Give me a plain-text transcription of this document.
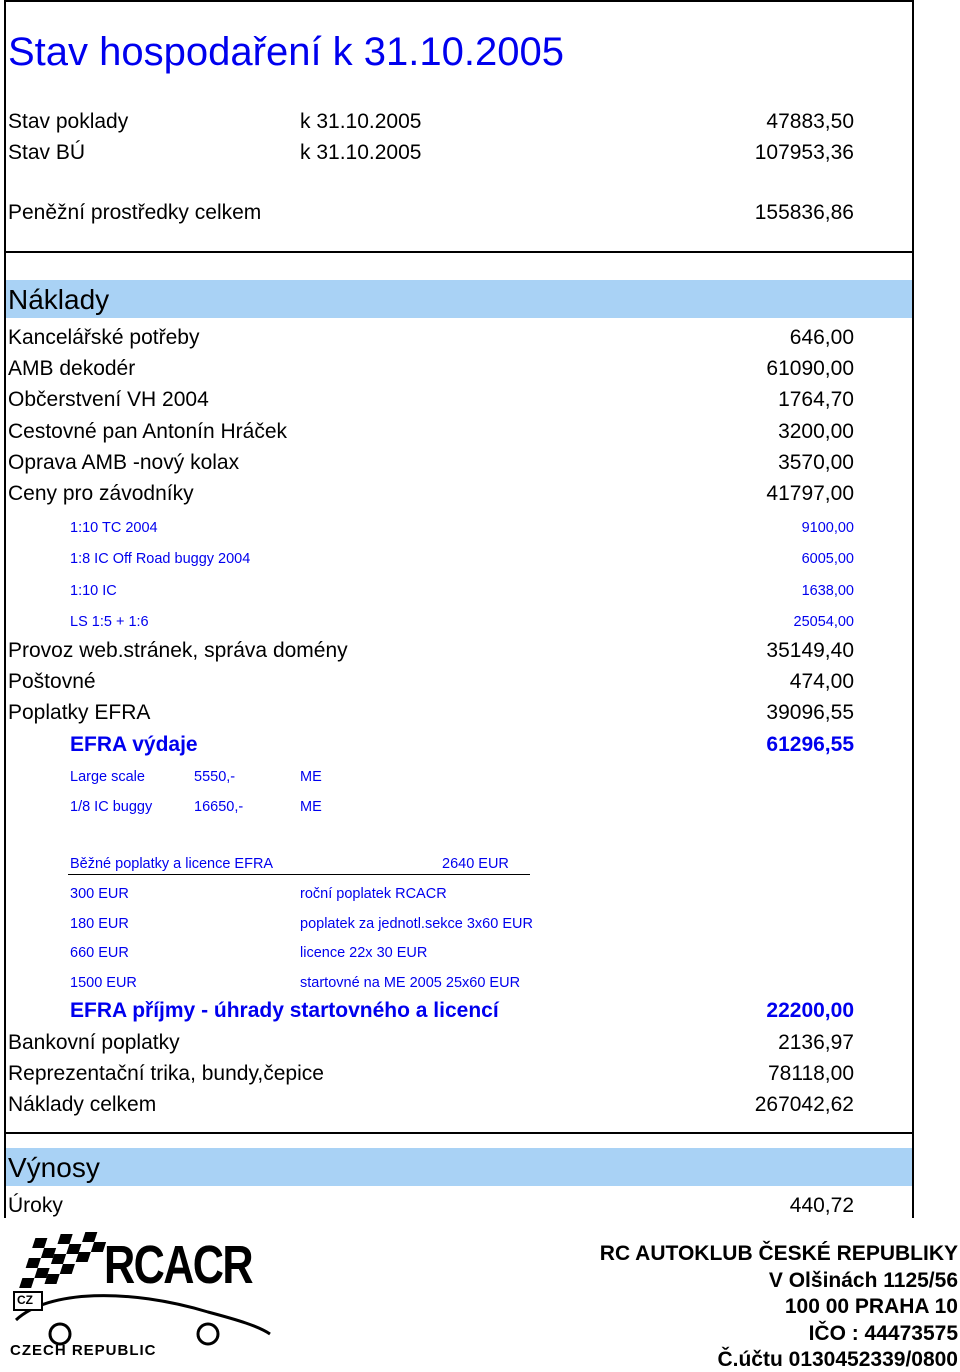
Stav hospodaření k 31.10.2005
Stav poklady	k 31.10.2005	47883,50
Stav BÚ	k 31.10.2005	107953,36
Peněžní prostředky celkem	155836,86
Náklady
Kancelářské potřeby	646,00
AMB dekodér	61090,00
Občerstvení VH 2004	1764,70
Cestovné pan Antonín Hráček	3200,00
Oprava AMB -nový kolax	3570,00
Ceny pro závodníky	41797,00
1:10 TC 2004	9100,00
1:8 IC Off Road buggy 2004	6005,00
1:10 IC	1638,00
LS 1:5 + 1:6	25054,00
Provoz web.stránek, správa domény	35149,40
Poštovné	474,00
Poplatky EFRA	39096,55
EFRA výdaje	61296,55
Large scale	5550,-	ME
1/8 IC buggy	16650,-	ME
Běžné poplatky a licence EFRA	2640 EUR
300 EUR	roční poplatek RCACR
180 EUR	poplatek za jednotl.sekce 3x60 EUR
660 EUR	licence 22x 30 EUR
1500 EUR	startovné na ME 2005 25x60 EUR
EFRA příjmy - úhrady startovného a licencí	22200,00
Bankovní poplatky	2136,97
Reprezentační trika, bundy,čepice	78118,00
Náklady celkem	267042,62
Výnosy
Úroky	440,72
RCACR
CZ
CZECH REPUBLIC
RC AUTOKLUB ČESKÉ REPUBLIKY
V Olšinách 1125/56
100 00 PRAHA 10
IČO : 44473575
Č.účtu 0130452339/0800
